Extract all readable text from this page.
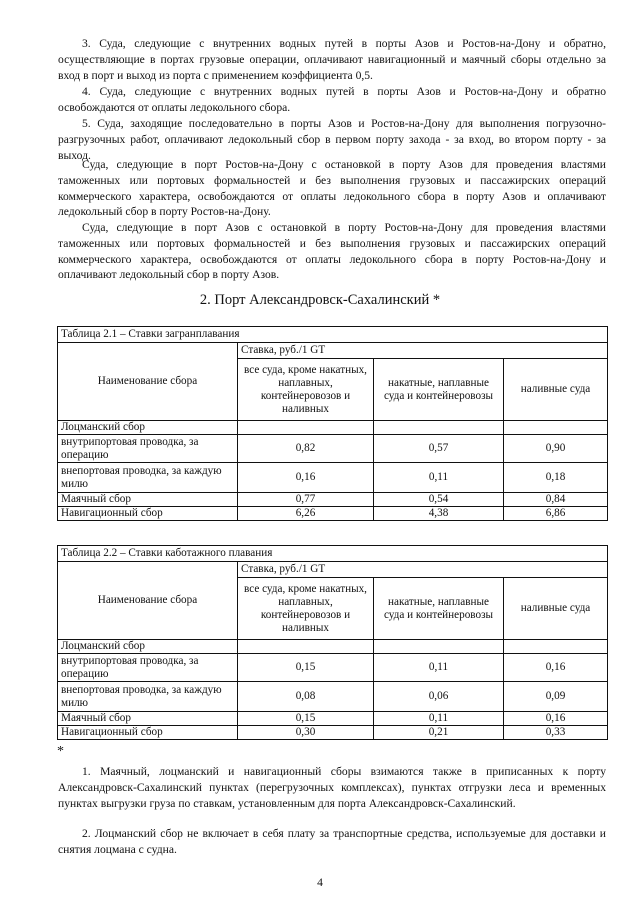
3. Суда, следующие с внутренних водных путей в порты Азов и Ростов-на-Дону и обратно, осуществляющие в портах грузовые операции, оплачивают навигационный и маячный сборы отдельно за вход в порт и выход из порта с применением коэффициента 0,5.

4. Суда, следующие с внутренних водных путей в порты Азов и Ростов-на-Дону и обратно освобождаются от оплаты ледокольного сбора.

5. Суда, заходящие последовательно в порты Азов и Ростов-на-Дону для выполнения погрузочно-разгрузочных работ, оплачивают ледокольный сбор в первом порту захода - за вход, во втором порту - за выход.

Суда, следующие в порт Ростов-на-Дону с остановкой в порту Азов для проведения властями таможенных или портовых формальностей и без выполнения грузовых и пассажирских операций коммерческого характера, освобождаются от оплаты ледокольного сбора в порту Азов и оплачивают ледокольный сбор в порту Ростов-на-Дону.

Суда, следующие в порт Азов с остановкой в порту Ростов-на-Дону для проведения властями таможенных или портовых формальностей и без выполнения грузовых и пассажирских операций коммерческого характера, освобождаются от оплаты ледокольного сбора в порту Ростов-на-Дону и оплачивают ледокольный сбор в порту Азов.

2. Порт Александровск-Сахалинский *

Таблица 2.1 – Ставки загранплавания			
Наименование сбора	Ставка, руб./1 GT		
	все суда, кроме накатных, наплавных, контейнеровозов и наливных	накатные, наплавные суда и контейнеровозы	наливные суда
Лоцманский сбор			
внутрипортовая проводка, за операцию	0,82	0,57	0,90
внепортовая проводка, за каждую милю	0,16	0,11	0,18
Маячный сбор	0,77	0,54	0,84
Навигационный сбор	6,26	4,38	6,86
Таблица 2.2 – Ставки каботажного плавания			
Наименование сбора	Ставка, руб./1 GT		
	все суда, кроме накатных, наплавных, контейнеровозов и наливных	накатные, наплавные суда и контейнеровозы	наливные суда
Лоцманский сбор			
внутрипортовая проводка, за операцию	0,15	0,11	0,16
внепортовая проводка, за каждую милю	0,08	0,06	0,09
Маячный сбор	0,15	0,11	0,16
Навигационный сбор	0,30	0,21	0,33
*

1. Маячный, лоцманский и навигационный сборы взимаются также в приписанных к порту Александровск-Сахалинский пунктах (перегрузочных комплексах), пунктах отгрузки леса и временных пунктах выгрузки груза по ставкам, установленным для порта Александровск-Сахалинский.

2. Лоцманский сбор не включает в себя плату за транспортные средства, используемые для доставки и снятия лоцмана с судна.

4
